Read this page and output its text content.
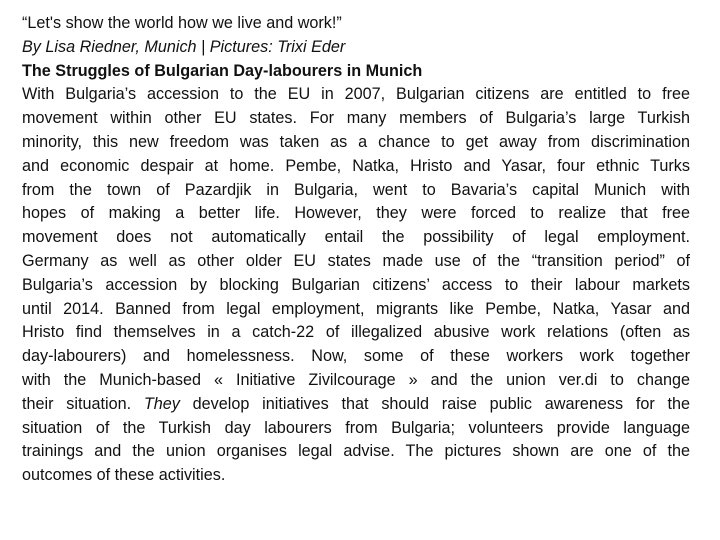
“Let's show the world how we live and work!”
By Lisa Riedner, Munich | Pictures: Trixi Eder
The Struggles of Bulgarian Day-labourers in Munich
With Bulgaria’s accession to the EU in 2007, Bulgarian citizens are entitled to free
movement within other EU states. For many members of Bulgaria’s large Turkish
minority, this new freedom was taken as a chance to get away from discrimination
and economic despair at home. Pembe, Natka, Hristo and Yasar, four ethnic Turks
from the town of Pazardjik in Bulgaria, went to Bavaria’s capital Munich with
hopes of making a better life. However, they were forced to realize that free
movement does not automatically entail the possibility of legal employment.
Germany as well as other older EU states made use of the “transition period” of
Bulgaria’s accession by blocking Bulgarian citizens’ access to their labour markets
until 2014. Banned from legal employment, migrants like Pembe, Natka, Yasar and
Hristo find themselves in a catch-22 of illegalized abusive work relations (often as
day-labourers) and homelessness. Now, some of these workers work together
with the Munich-based « Initiative Zivilcourage » and the union ver.di to change
their situation. They develop initiatives that should raise public awareness for the
situation of the Turkish day labourers from Bulgaria; volunteers provide language
trainings and the union organises legal advise. The pictures shown are one of the
outcomes of these activities.
